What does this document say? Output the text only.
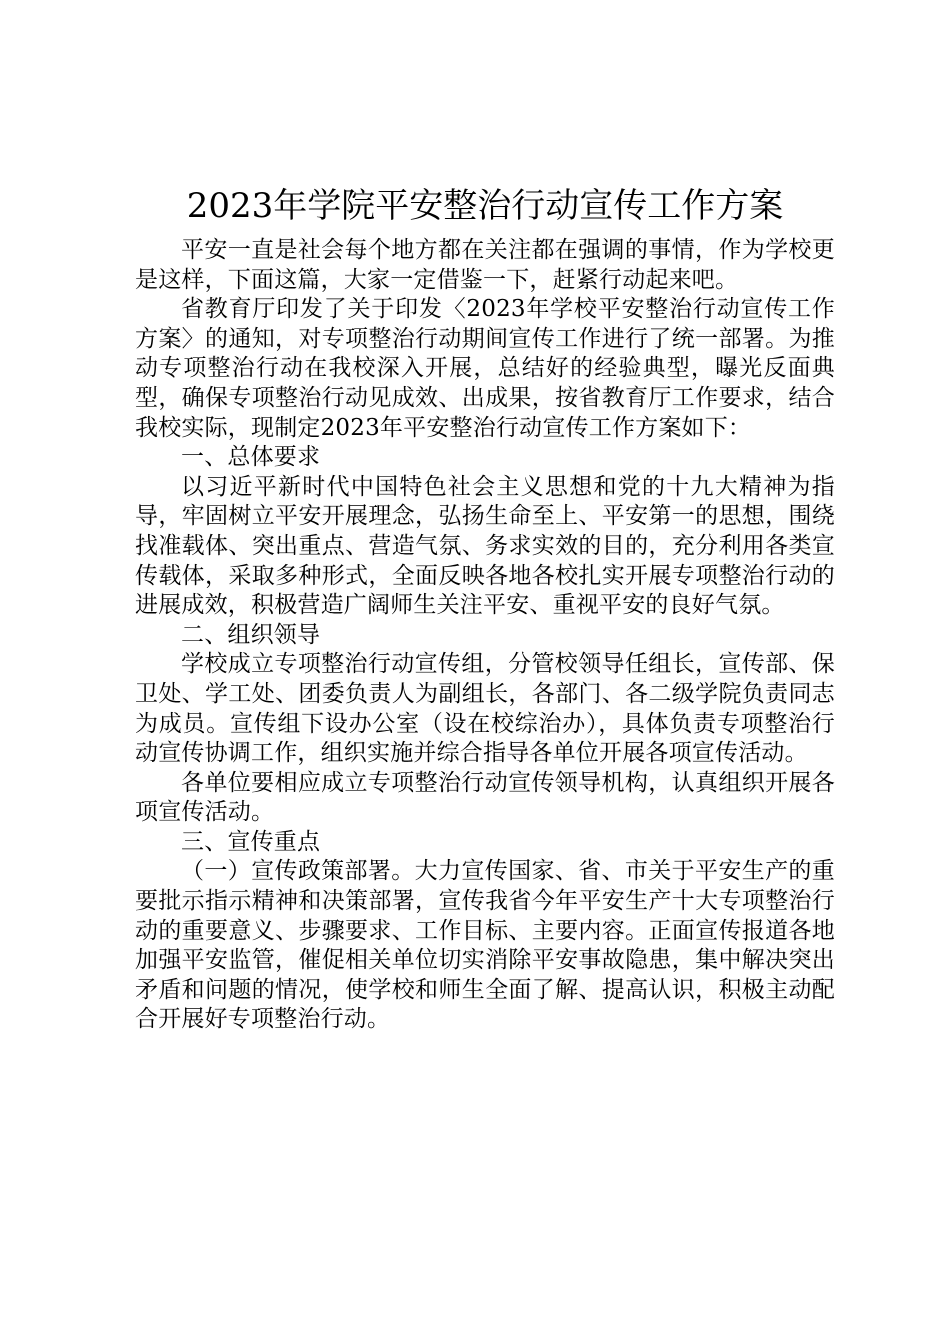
2023年学院平安整治行动宣传工作方案

平安一直是社会每个地方都在关注都在强调的事情，作为学校更是这样，下面这篇，大家一定借鉴一下，赶紧行动起来吧。

省教育厅印发了关于印发〈2023年学校平安整治行动宣传工作方案〉的通知，对专项整治行动期间宣传工作进行了统一部署。为推动专项整治行动在我校深入开展，总结好的经验典型，曝光反面典型，确保专项整治行动见成效、出成果，按省教育厅工作要求，结合我校实际，现制定2023年平安整治行动宣传工作方案如下：

一、总体要求

以习近平新时代中国特色社会主义思想和党的十九大精神为指导，牢固树立平安开展理念，弘扬生命至上、平安第一的思想，围绕找准载体、突出重点、营造气氛、务求实效的目的，充分利用各类宣传载体，采取多种形式，全面反映各地各校扎实开展专项整治行动的进展成效，积极营造广阔师生关注平安、重视平安的良好气氛。

二、组织领导

学校成立专项整治行动宣传组，分管校领导任组长，宣传部、保卫处、学工处、团委负责人为副组长，各部门、各二级学院负责同志为成员。宣传组下设办公室（设在校综治办），具体负责专项整治行动宣传协调工作，组织实施并综合指导各单位开展各项宣传活动。

各单位要相应成立专项整治行动宣传领导机构，认真组织开展各项宣传活动。

三、宣传重点

（一）宣传政策部署。大力宣传国家、省、市关于平安生产的重要批示指示精神和决策部署，宣传我省今年平安生产十大专项整治行动的重要意义、步骤要求、工作目标、主要内容。正面宣传报道各地加强平安监管，催促相关单位切实消除平安事故隐患，集中解决突出矛盾和问题的情况，使学校和师生全面了解、提高认识，积极主动配合开展好专项整治行动。
